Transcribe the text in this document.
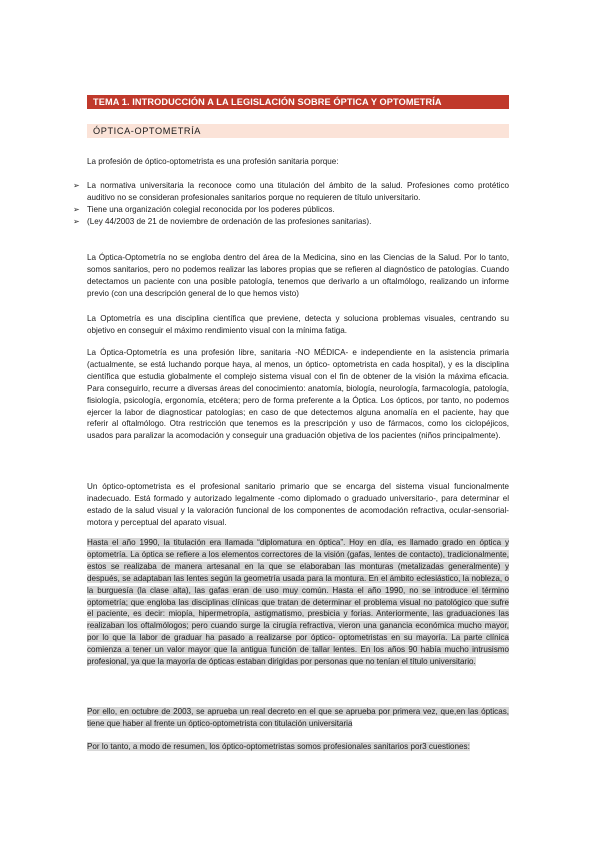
TEMA 1. INTRODUCCIÓN A LA LEGISLACIÓN SOBRE ÓPTICA Y OPTOMETRÍA
ÓPTICA-OPTOMETRÍA

La profesión de óptico-optometrista es una profesión sanitaria porque:

➢ La normativa universitaria la reconoce como una titulación del ámbito de la salud. Profesiones como protético auditivo no se consideran profesionales sanitarios porque no requieren de título universitario.
➢ Tiene una organización colegial reconocida por los poderes públicos.
➢ (Ley 44/2003 de 21 de noviembre de ordenación de las profesiones sanitarias).

La Óptica-Optometría no se engloba dentro del área de la Medicina, sino en las Ciencias de la Salud. Por lo tanto, somos sanitarios, pero no podemos realizar las labores propias que se refieren al diagnóstico de patologías. Cuando detectamos un paciente con una posible patología, tenemos que derivarlo a un oftalmólogo, realizando un informe previo (con una descripción general de lo que hemos visto)

La Optometría es una disciplina científica que previene, detecta y soluciona problemas visuales, centrando su objetivo en conseguir el máximo rendimiento visual con la mínima fatiga.

La Óptica-Optometría es una profesión libre, sanitaria -NO MÉDICA- e independiente en la asistencia primaria (actualmente, se está luchando porque haya, al menos, un óptico- optometrista en cada hospital), y es la disciplina científica que estudia globalmente el complejo sistema visual con el fin de obtener de la visión la máxima eficacia. Para conseguirlo, recurre a diversas áreas del conocimiento: anatomía, biología, neurología, farmacología, patología, fisiología, psicología, ergonomía, etcétera; pero de forma preferente a la Óptica. Los ópticos, por tanto, no podemos ejercer la labor de diagnosticar patologías; en caso de que detectemos alguna anomalía en el paciente, hay que referir al oftalmólogo. Otra restricción que tenemos es la prescripción y uso de fármacos, como los ciclopéjicos, usados para paralizar la acomodación y conseguir una graduación objetiva de los pacientes (niños principalmente).

Un óptico-optometrista es el profesional sanitario primario que se encarga del sistema visual funcionalmente inadecuado. Está formado y autorizado legalmente -como diplomado o graduado universitario-, para determinar el estado de la salud visual y la valoración funcional de los componentes de acomodación refractiva, ocular-sensorial-motora y perceptual del aparato visual.

Hasta el año 1990, la titulación era llamada “diplomatura en óptica”. Hoy en día, es llamado grado en óptica y optometría. La óptica se refiere a los elementos correctores de la visión (gafas, lentes de contacto), tradicionalmente, estos se realizaba de manera artesanal en la que se elaboraban las monturas (metalizadas generalmente) y después, se adaptaban las lentes según la geometría usada para la montura. En el ámbito eclesiástico, la nobleza, o la burguesía (la clase alta), las gafas eran de uso muy común. Hasta el año 1990, no se introduce el término optometría; que engloba las disciplinas clínicas que tratan de determinar el problema visual no patológico que sufre el paciente, es decir: miopía, hipermetropía, astigmatismo, presbicia y forias. Anteriormente, las graduaciones las realizaban los oftalmólogos; pero cuando surge la cirugía refractiva, vieron una ganancia económica mucho mayor, por lo que la labor de graduar ha pasado a realizarse por óptico- optometristas en su mayoría. La parte clínica comienza a tener un valor mayor que la antigua función de tallar lentes. En los años 90 había mucho intrusismo profesional, ya que la mayoría de ópticas estaban dirigidas por personas que no tenían el título universitario.

Por ello, en octubre de 2003, se aprueba un real decreto en el que se aprueba por primera vez, que,en las ópticas, tiene que haber al frente un óptico-optometrista con titulación universitaria

Por lo tanto, a modo de resumen, los óptico-optometristas somos profesionales sanitarios por3 cuestiones:
